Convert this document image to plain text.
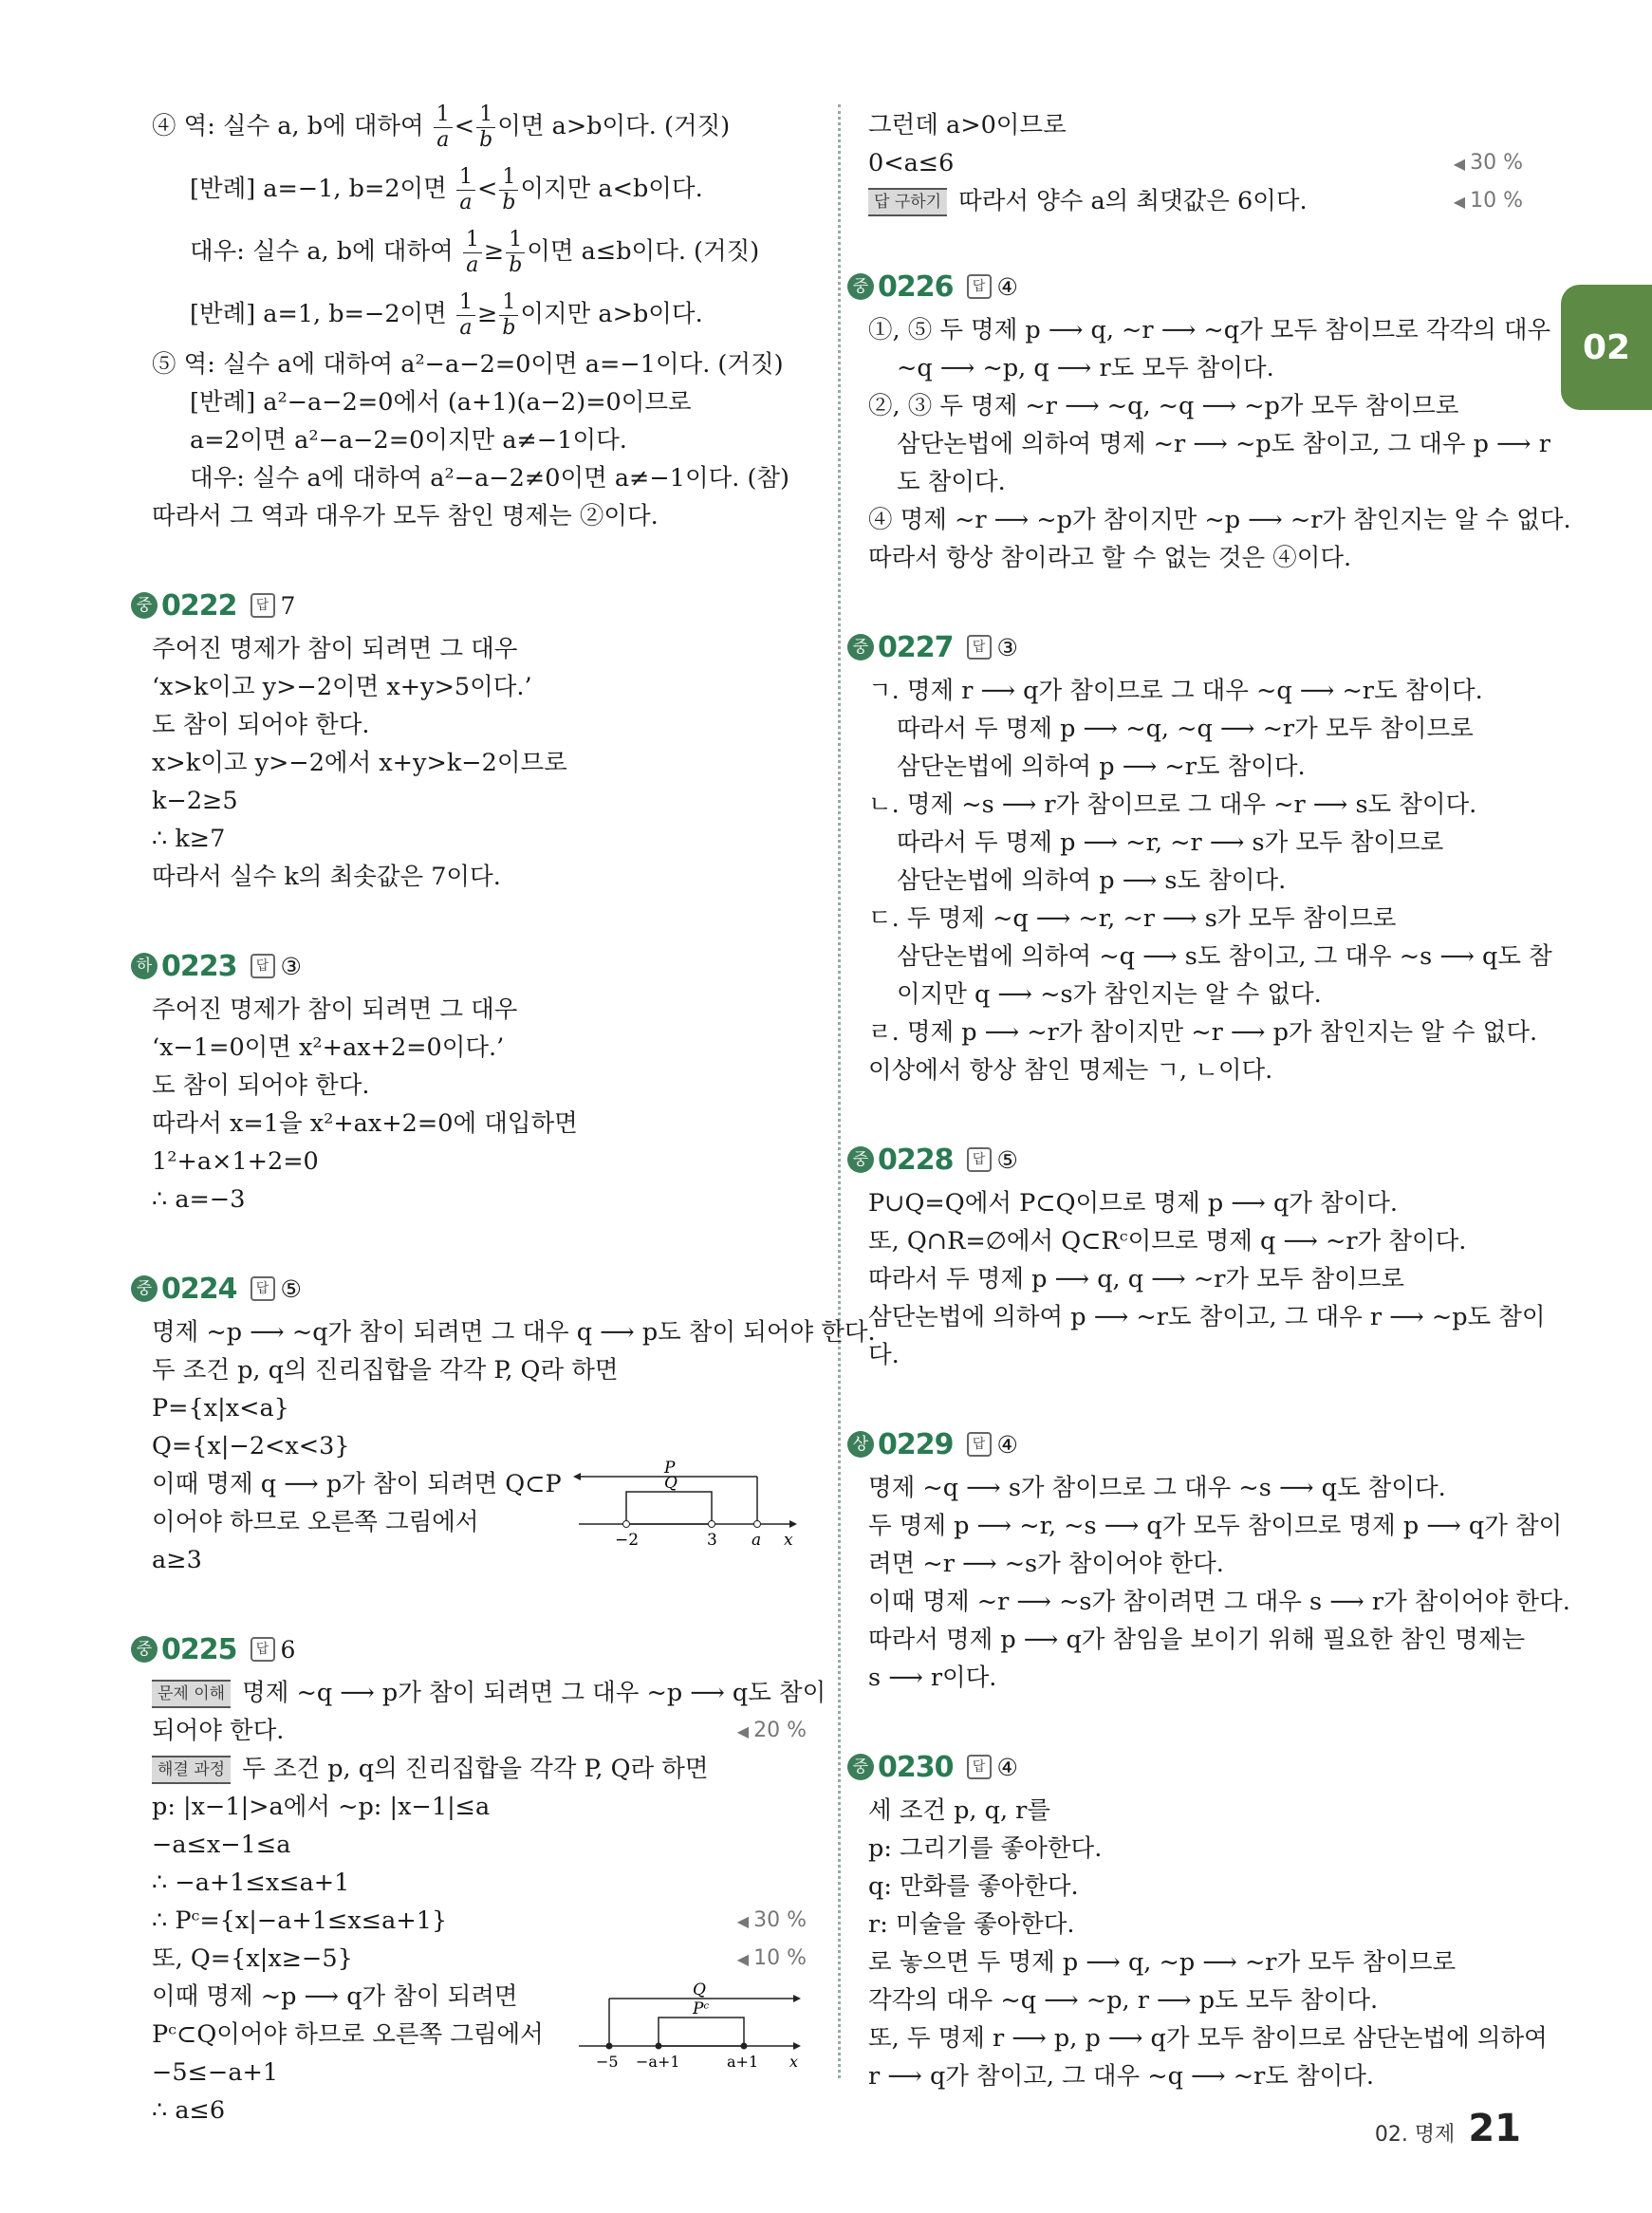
02
④ 역: 실수 a, b에 대하여 $\frac{1}{a} < \frac{1}{b}$ 이면 a>b이다. (거짓)
[반례] a=−1, b=2이면 $\frac{1}{a} < \frac{1}{b}$ 이지만 a<b이다.
대우: 실수 a, b에 대하여 $\frac{1}{a} \ge \frac{1}{b}$ 이면 a≤b이다. (거짓)
[반례] a=1, b=−2이면 $\frac{1}{a} \ge \frac{1}{b}$ 이지만 a>b이다.
⑤ 역: 실수 a에 대하여 a²−a−2=0이면 a=−1이다. (거짓)
[반례] a²−a−2=0에서 (a+1)(a−2)=0이므로
a=2이면 a²−a−2=0이지만 a≠−1이다.
대우: 실수 a에 대하여 a²−a−2≠0이면 a≠−1이다. (참)
따라서 그 역과 대우가 모두 참인 명제는 ②이다.
중 0222	답 7
주어진 명제가 참이 되려면 그 대우
‘x>k이고 y>−2이면 x+y>5이다.’
도 참이 되어야 한다.
x>k이고 y>−2에서 x+y>k−2이므로
k−2≥5
∴ k≥7
따라서 실수 k의 최솟값은 7이다.
하 0223	답 ③
주어진 명제가 참이 되려면 그 대우
‘x−1=0이면 x²+ax+2=0이다.’
도 참이 되어야 한다.
따라서 x=1을 x²+ax+2=0에 대입하면
1²+a×1+2=0
∴ a=−3
중 0224	답 ⑤
명제 ~p ⟶ ~q가 참이 되려면 그 대우 q ⟶ p도 참이 되어야 한다.
두 조건 p, q의 진리집합을 각각 P, Q라 하면
P={x|x<a}
Q={x|−2<x<3}
이때 명제 q ⟶ p가 참이 되려면 Q⊂P
이어야 하므로 오른쪽 그림에서
a≥3
P
Q
−2	3 a x
중 0225	답 6
문제 이해 명제 ~q ⟶ p가 참이 되려면 그 대우 ~p ⟶ q도 참이
되어야 한다.	◀ 20 %
해결 과정 두 조건 p, q의 진리집합을 각각 P, Q라 하면
p: |x−1|>a에서 ~p: |x−1|≤a
−a≤x−1≤a
∴ −a+1≤x≤a+1
∴ Pᶜ={x|−a+1≤x≤a+1}	◀ 30 %
또, Q={x|x≥−5}	◀ 10 %
이때 명제 ~p ⟶ q가 참이 되려면
Pᶜ⊂Q이어야 하므로 오른쪽 그림에서
−5≤−a+1
∴ a≤6
Q
Pᶜ
−5 −a+1	a+1 x
그런데 a>0이므로
0<a≤6	◀ 30 %
답 구하기 따라서 양수 a의 최댓값은 6이다.	◀ 10 %
중 0226	답 ④
①, ⑤ 두 명제 p ⟶ q, ~r ⟶ ~q가 모두 참이므로 각각의 대우
~q ⟶ ~p, q ⟶ r도 모두 참이다.
②, ③ 두 명제 ~r ⟶ ~q, ~q ⟶ ~p가 모두 참이므로
삼단논법에 의하여 명제 ~r ⟶ ~p도 참이고, 그 대우 p ⟶ r
도 참이다.
④ 명제 ~r ⟶ ~p가 참이지만 ~p ⟶ ~r가 참인지는 알 수 없다.
따라서 항상 참이라고 할 수 없는 것은 ④이다.
중 0227	답 ③
ㄱ. 명제 r ⟶ q가 참이므로 그 대우 ~q ⟶ ~r도 참이다.
따라서 두 명제 p ⟶ ~q, ~q ⟶ ~r가 모두 참이므로
삼단논법에 의하여 p ⟶ ~r도 참이다.
ㄴ. 명제 ~s ⟶ r가 참이므로 그 대우 ~r ⟶ s도 참이다.
따라서 두 명제 p ⟶ ~r, ~r ⟶ s가 모두 참이므로
삼단논법에 의하여 p ⟶ s도 참이다.
ㄷ. 두 명제 ~q ⟶ ~r, ~r ⟶ s가 모두 참이므로
삼단논법에 의하여 ~q ⟶ s도 참이고, 그 대우 ~s ⟶ q도 참
이지만 q ⟶ ~s가 참인지는 알 수 없다.
ㄹ. 명제 p ⟶ ~r가 참이지만 ~r ⟶ p가 참인지는 알 수 없다.
이상에서 항상 참인 명제는 ㄱ, ㄴ이다.
중 0228	답 ⑤
P∪Q=Q에서 P⊂Q이므로 명제 p ⟶ q가 참이다.
또, Q∩R=∅에서 Q⊂Rᶜ이므로 명제 q ⟶ ~r가 참이다.
따라서 두 명제 p ⟶ q, q ⟶ ~r가 모두 참이므로
삼단논법에 의하여 p ⟶ ~r도 참이고, 그 대우 r ⟶ ~p도 참이
다.
상 0229	답 ④
명제 ~q ⟶ s가 참이므로 그 대우 ~s ⟶ q도 참이다.
두 명제 p ⟶ ~r, ~s ⟶ q가 모두 참이므로 명제 p ⟶ q가 참이
려면 ~r ⟶ ~s가 참이어야 한다.
이때 명제 ~r ⟶ ~s가 참이려면 그 대우 s ⟶ r가 참이어야 한다.
따라서 명제 p ⟶ q가 참임을 보이기 위해 필요한 참인 명제는
s ⟶ r이다.
중 0230	답 ④
세 조건 p, q, r를
p: 그리기를 좋아한다.
q: 만화를 좋아한다.
r: 미술을 좋아한다.
로 놓으면 두 명제 p ⟶ q, ~p ⟶ ~r가 모두 참이므로
각각의 대우 ~q ⟶ ~p, r ⟶ p도 모두 참이다.
또, 두 명제 r ⟶ p, p ⟶ q가 모두 참이므로 삼단논법에 의하여
r ⟶ q가 참이고, 그 대우 ~q ⟶ ~r도 참이다.
02. 명제 21
